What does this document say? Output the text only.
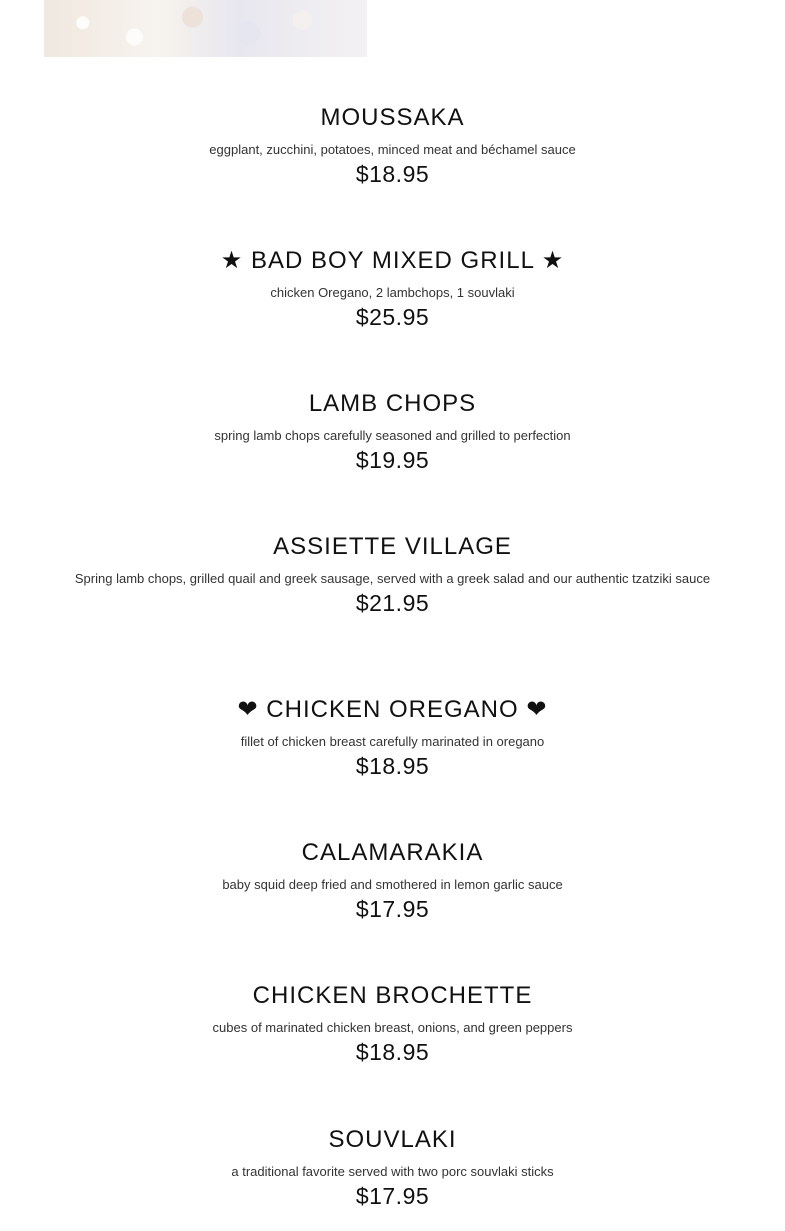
MOUSSAKA
eggplant, zucchini, potatoes, minced meat and béchamel sauce
$18.95
★ BAD BOY MIXED GRILL ★
chicken Oregano, 2 lambchops, 1 souvlaki
$25.95
LAMB CHOPS
spring lamb chops carefully seasoned and grilled to perfection
$19.95
ASSIETTE VILLAGE
Spring lamb chops, grilled quail and greek sausage, served with a greek salad and our authentic tzatziki sauce
$21.95
❤ CHICKEN OREGANO ❤
fillet of chicken breast carefully marinated in oregano
$18.95
CALAMARAKIA
baby squid deep fried and smothered in lemon garlic sauce
$17.95
CHICKEN BROCHETTE
cubes of marinated chicken breast, onions, and green peppers
$18.95
SOUVLAKI
a traditional favorite served with two porc souvlaki sticks
$17.95
